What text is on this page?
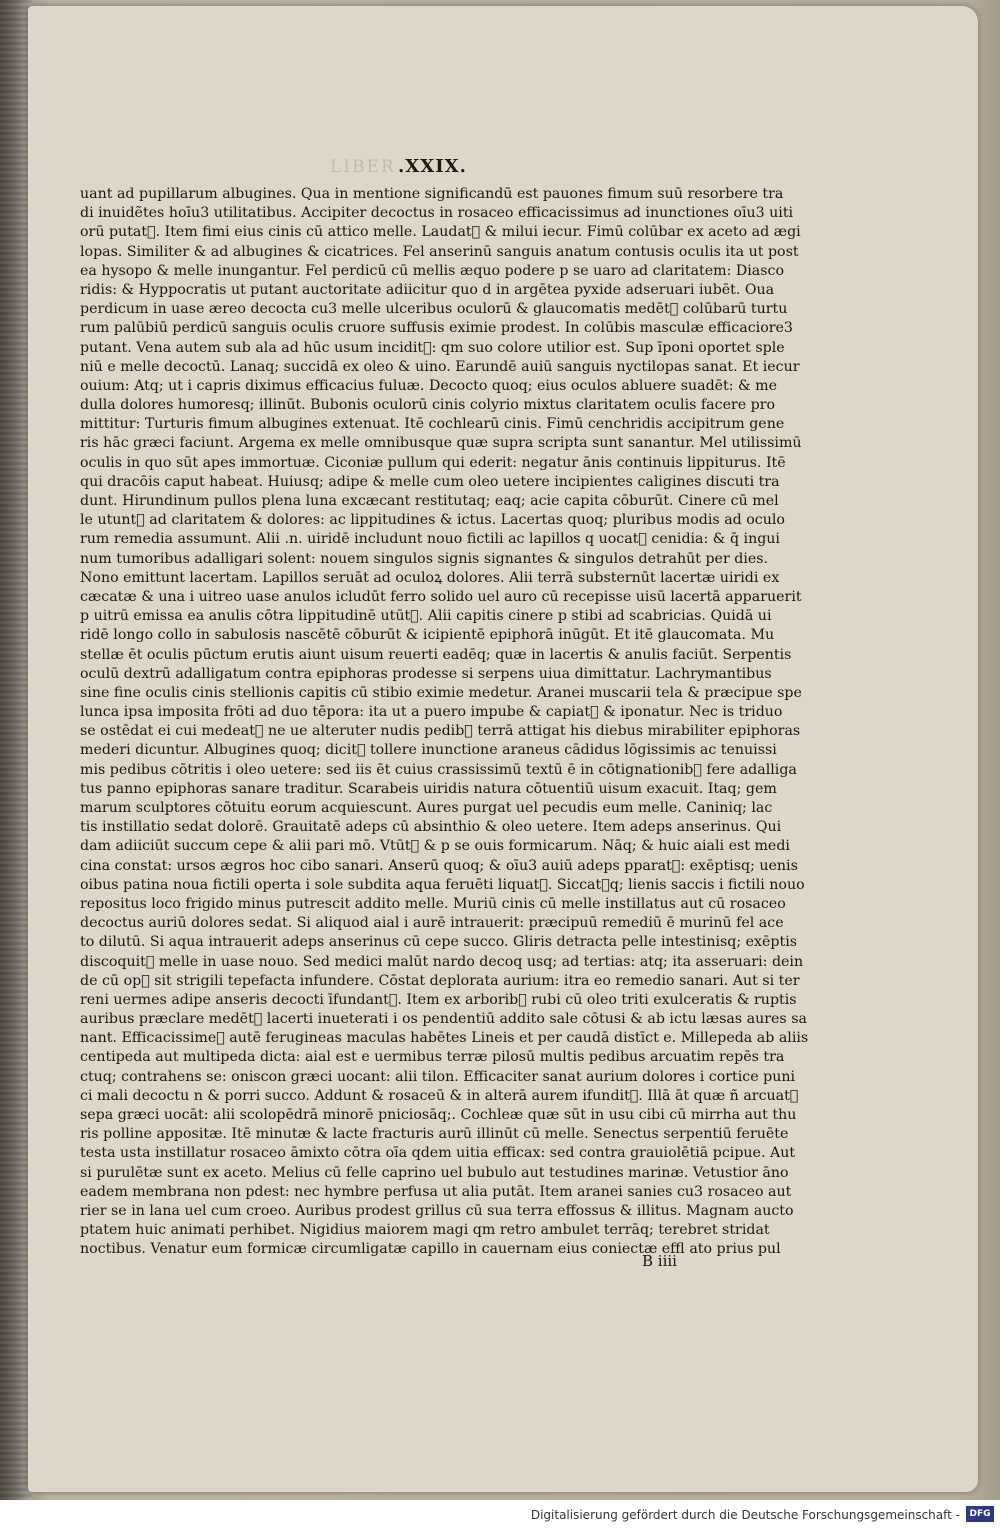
LIBER .XXIX.
uant ad pupillarum albugines. Qua in mentione significandū est pauones fimum suū resorbere tra
di inuidẽtes hoīu3 utilitatibus. Accipiter decoctus in rosaceo efficacissimus ad inunctiones oīu3 uiti
orū putat᷑. Item fimi eius cinis cū attico melle. Laudat᷑ & milui iecur. Fimū colūbar ex aceto ad ægi
lopas. Similiter & ad albugines & cicatrices. Fel anserinū sanguis anatum contusis oculis ita ut post
ea hysopo & melle inungantur. Fel perdicū cū mellis æquo podere p se uaro ad claritatem: Diasco
ridis: & Hyppocratis ut putant auctoritate adiicitur quo d in argētea pyxide adseruari iubēt. Oua
perdicum in uase æreo decocta cu3 melle ulceribus oculorū & glaucomatis medēt᷑ colūbarū turtu
rum palūbiū perdicū sanguis oculis cruore suffusis eximie prodest. In colūbis masculæ efficaciore3
putant. Vena autem sub ala ad hūc usum incidit᷑: qm suo colore utilior est. Sup īponi oportet sple
niū e melle decoctū. Lanaq; succidā ex oleo & uino. Earundē auiū sanguis nyctilopas sanat. Et iecur
ouium: Atq; ut i capris diximus efficacius fuluæ. Decocto quoq; eius oculos abluere suadēt: & me
dulla dolores humoresq; illinūt. Bubonis oculorū cinis colyrio mixtus claritatem oculis facere pro
mittitur: Turturis fimum albugines extenuat. Itē cochlearū cinis. Fimū cenchridis accipitrum gene
ris hāc græci faciunt. Argema ex melle omnibusque quæ supra scripta sunt sanantur. Mel utilissimū
oculis in quo sūt apes immortuæ. Ciconiæ pullum qui ederit: negatur ānis continuis lippiturus. Itē
qui dracōis caput habeat. Huiusq; adipe & melle cum oleo uetere incipientes caligines discuti tra
dunt. Hirundinum pullos plena luna excæcant restitutaq; eaq; acie capita cōburūt. Cinere cū mel
le utunt᷑ ad claritatem & dolores: ac lippitudines & ictus. Lacertas quoq; pluribus modis ad oculo
rum remedia assumunt. Alii .n. uiridē includunt nouo fictili ac lapillos q uocat᷑ cenidia: & q̄ ingui
num tumoribus adalligari solent: nouem singulos signis signantes & singulos detrahūt per dies.
Nono emittunt lacertam. Lapillos seruāt ad oculoꝝ dolores. Alii terrā substernūt lacertæ uiridi ex
cæcatæ & una i uitreo uase anulos icludūt ferro solido uel auro cū recepisse uisū lacertā apparuerit
p uitrū emissa ea anulis cōtra lippitudinē utūt᷑. Alii capitis cinere p stibi ad scabricias. Quidā ui
ridē longo collo in sabulosis nascētē cōburūt & icipientē epiphorā inūgūt. Et itē glaucomata. Mu
stellæ ēt oculis pūctum erutis aiunt uisum reuerti eadēq; quæ in lacertis & anulis faciūt. Serpentis
oculū dextrū adalligatum contra epiphoras prodesse si serpens uiua dimittatur. Lachrymantibus
sine fine oculis cinis stellionis capitis cū stibio eximie medetur. Aranei muscarii tela & præcipue spe
lunca ipsa imposita frōti ad duo tēpora: ita ut a puero impube & capiat᷑ & iponatur. Nec is triduo
se ostēdat ei cui medeat᷑ ne ue alteruter nudis pedib᷒ terrā attigat his diebus mirabiliter epiphoras
mederi dicuntur. Albugines quoq; dicit᷑ tollere inunctione araneus cādidus lōgissimis ac tenuissi
mis pedibus cōtritis i oleo uetere: sed iis ēt cuius crassissimū textū ē in cōtignationib᷒ fere adalliga
tus panno epiphoras sanare traditur. Scarabeis uiridis natura cōtuentiū uisum exacuit. Itaq; gem
marum sculptores cōtuitu eorum acquiescunt. Aures purgat uel pecudis eum melle. Caniniq; lac
tis instillatio sedat dolorē. Grauitatē adeps cū absinthio & oleo uetere. Item adeps anserinus. Qui
dam adiiciūt succum cepe & alii pari mō. Vtūt᷑ & p se ouis formicarum. Nāq; & huic aiali est medi
cina constat: ursos ægros hoc cibo sanari. Anserū quoq; & oīu3 auiū adeps pparat᷑: exēptisq; uenis
oibus patina noua fictili operta i sole subdita aqua feruēti liquat᷑. Siccat᷑q; lienis saccis i fictili nouo
repositus loco frigido minus putrescit addito melle. Muriū cinis cū melle instillatus aut cū rosaceo
decoctus auriū dolores sedat. Si aliquod aial i aurē intrauerit: præcipuū remediū ē murinū fel ace
to dilutū. Si aqua intrauerit adeps anserinus cū cepe succo. Gliris detracta pelle intestinisq; exēptis
discoquit᷑ melle in uase nouo. Sed medici malūt nardo decoq usq; ad tertias: atq; ita asseruari: dein
de cū op᷒ sit strigili tepefacta infundere. Cōstat deplorata aurium: itra eo remedio sanari. Aut si ter
reni uermes adipe anseris decocti īfundant᷑. Item ex arborib᷒ rubi cū oleo triti exulceratis & ruptis
auribus præclare medēt᷑ lacerti inueterati i os pendentiū addito sale cōtusi & ab ictu læsas aures sa
nant. Efficacissime᷑ autē ferugineas maculas habētes Lineis et per caudā distīct e. Millepeda ab aliis
centipeda aut multipeda dicta: aial est e uermibus terræ pilosū multis pedibus arcuatim repēs tra
ctuq; contrahens se: oniscon græci uocant: alii tilon. Efficaciter sanat aurium dolores i cortice puni
ci mali decoctu n & porri succo. Addunt & rosaceū & in alterā aurem ifundit᷑. Illā āt quæ ñ arcuat᷑
sepa græci uocāt: alii scolopēdrā minorē pniciosāq;. Cochleæ quæ sūt in usu cibi cū mirrha aut thu
ris polline appositæ. Itē minutæ & lacte fracturis aurū illinūt cū melle. Senectus serpentiū feruēte
testa usta instillatur rosaceo āmixto cōtra oīa qdem uitia efficax: sed contra grauiolētiā pcipue. Aut
si purulētæ sunt ex aceto. Melius cū felle caprino uel bubulo aut testudines marinæ. Vetustior āno
eadem membrana non pdest: nec hymbre perfusa ut alia putāt. Item aranei sanies cu3 rosaceo aut
rier se in lana uel cum croeo. Auribus prodest grillus cū sua terra effossus & illitus. Magnam aucto
ptatem huic animati perhibet. Nigidius maiorem magi qm retro ambulet terrāq; terebret stridat
noctibus. Venatur eum formicæ circumligatæ capillo in cauernam eius coniectæ effl ato prius pul
B iiii
Digitalisierung gefördert durch die Deutsche Forschungsgemeinschaft -	DFG
